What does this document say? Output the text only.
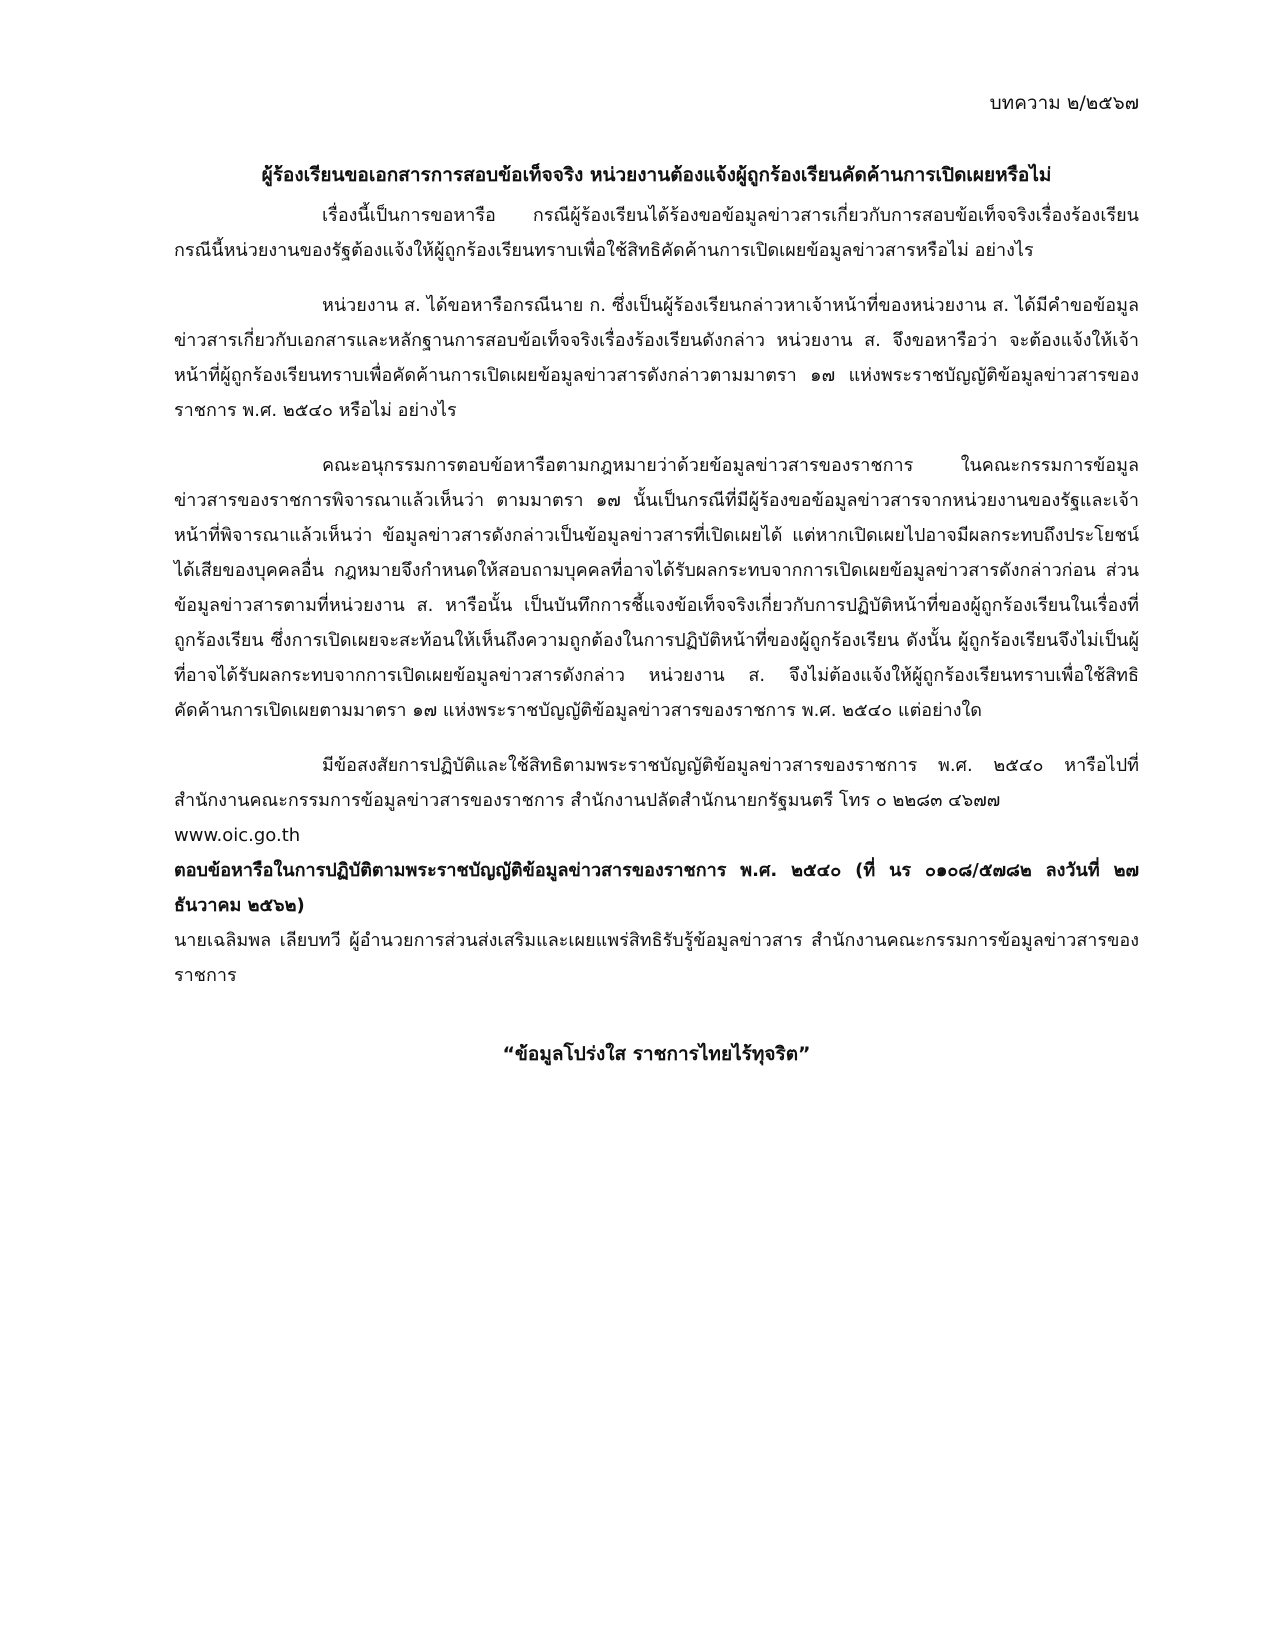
บทความ ๒/๒๕๖๗
ผู้ร้องเรียนขอเอกสารการสอบข้อเท็จจริง หน่วยงานต้องแจ้งผู้ถูกร้องเรียนคัดค้านการเปิดเผยหรือไม่

เรื่องนี้เป็นการขอหารือ กรณีผู้ร้องเรียนได้ร้องขอข้อมูลข่าวสารเกี่ยวกับการสอบข้อเท็จจริงเรื่องร้องเรียน กรณีนี้หน่วยงานของรัฐต้องแจ้งให้ผู้ถูกร้องเรียนทราบเพื่อใช้สิทธิคัดค้านการเปิดเผยข้อมูลข่าวสารหรือไม่ อย่างไร

หน่วยงาน ส. ได้ขอหารือกรณีนาย ก. ซึ่งเป็นผู้ร้องเรียนกล่าวหาเจ้าหน้าที่ของหน่วยงาน ส. ได้มีคำขอข้อมูลข่าวสารเกี่ยวกับเอกสารและหลักฐานการสอบข้อเท็จจริงเรื่องร้องเรียนดังกล่าว หน่วยงาน ส. จึงขอหารือว่า จะต้องแจ้งให้เจ้าหน้าที่ผู้ถูกร้องเรียนทราบเพื่อคัดค้านการเปิดเผยข้อมูลข่าวสารดังกล่าวตามมาตรา ๑๗ แห่งพระราชบัญญัติข้อมูลข่าวสารของราชการ พ.ศ. ๒๕๔๐ หรือไม่ อย่างไร

คณะอนุกรรมการตอบข้อหารือตามกฎหมายว่าด้วยข้อมูลข่าวสารของราชการ ในคณะกรรมการข้อมูลข่าวสารของราชการพิจารณาแล้วเห็นว่า ตามมาตรา ๑๗ นั้นเป็นกรณีที่มีผู้ร้องขอข้อมูลข่าวสารจากหน่วยงานของรัฐและเจ้าหน้าที่พิจารณาแล้วเห็นว่า ข้อมูลข่าวสารดังกล่าวเป็นข้อมูลข่าวสารที่เปิดเผยได้ แต่หากเปิดเผยไปอาจมีผลกระทบถึงประโยชน์ได้เสียของบุคคลอื่น กฎหมายจึงกำหนดให้สอบถามบุคคลที่อาจได้รับผลกระทบจากการเปิดเผยข้อมูลข่าวสารดังกล่าวก่อน ส่วนข้อมูลข่าวสารตามที่หน่วยงาน ส. หารือนั้น เป็นบันทึกการชี้แจงข้อเท็จจริงเกี่ยวกับการปฏิบัติหน้าที่ของผู้ถูกร้องเรียนในเรื่องที่ถูกร้องเรียน ซึ่งการเปิดเผยจะสะท้อนให้เห็นถึงความถูกต้องในการปฏิบัติหน้าที่ของผู้ถูกร้องเรียน ดังนั้น ผู้ถูกร้องเรียนจึงไม่เป็นผู้ที่อาจได้รับผลกระทบจากการเปิดเผยข้อมูลข่าวสารดังกล่าว หน่วยงาน ส. จึงไม่ต้องแจ้งให้ผู้ถูกร้องเรียนทราบเพื่อใช้สิทธิคัดค้านการเปิดเผยตามมาตรา ๑๗ แห่งพระราชบัญญัติข้อมูลข่าวสารของราชการ พ.ศ. ๒๕๔๐ แต่อย่างใด

มีข้อสงสัยการปฏิบัติและใช้สิทธิตามพระราชบัญญัติข้อมูลข่าวสารของราชการ พ.ศ. ๒๕๔๐ หารือไปที่สำนักงานคณะกรรมการข้อมูลข่าวสารของราชการ สำนักงานปลัดสำนักนายกรัฐมนตรี โทร ๐ ๒๒๘๓ ๔๖๗๗

www.oic.go.th

ตอบข้อหารือในการปฏิบัติตามพระราชบัญญัติข้อมูลข่าวสารของราชการ พ.ศ. ๒๕๔๐ (ที่ นร ๐๑๐๘/๕๗๘๒ ลงวันที่ ๒๗ ธันวาคม ๒๕๖๒)

นายเฉลิมพล เลียบทวี ผู้อำนวยการส่วนส่งเสริมและเผยแพร่สิทธิรับรู้ข้อมูลข่าวสาร สำนักงานคณะกรรมการข้อมูลข่าวสารของราชการ

“ข้อมูลโปร่งใส ราชการไทยไร้ทุจริต”
